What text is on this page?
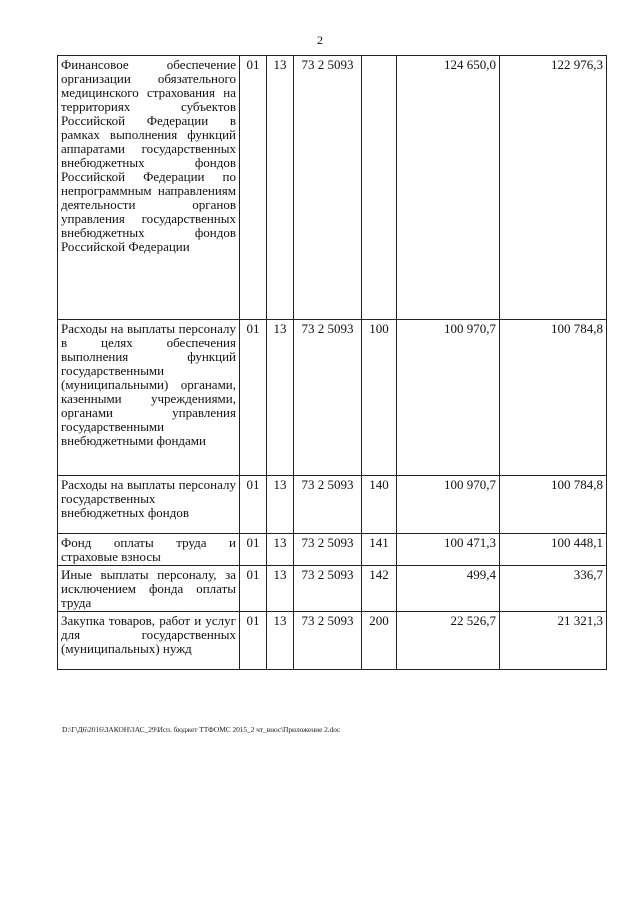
2
Финансовое обеспечение организации обязательного медицинского страхования на территориях субъектов Российской Федерации в рамках выполнения функций аппаратами государственных внебюджетных фондов Российской Федерации по непрограммным направлениям деятельности органов управления государственных внебюджетных фондов Российской Федерации	01	13	73 2 5093		124 650,0	122 976,3
Расходы на выплаты персоналу в целях обеспечения выполнения функций государственными (муниципальными) органами, казенными учреждениями, органами управления государственными внебюджетными фондами	01	13	73 2 5093	100	100 970,7	100 784,8
Расходы на выплаты персоналу государственных внебюджетных фондов	01	13	73 2 5093	140	100 970,7	100 784,8
Фонд оплаты труда и страховые взносы	01	13	73 2 5093	141	100 471,3	100 448,1
Иные выплаты персоналу, за исключением фонда оплаты труда	01	13	73 2 5093	142	499,4	336,7
Закупка товаров, работ и услуг для государственных (муниципальных) нужд	01	13	73 2 5093	200	22 526,7	21 321,3
D:\Г\Д6\2016\ЗАКОН\ЗАС_29\Исп. бюджет ТТФОМС 2015_2 чт_внос\Приложение 2.doc
